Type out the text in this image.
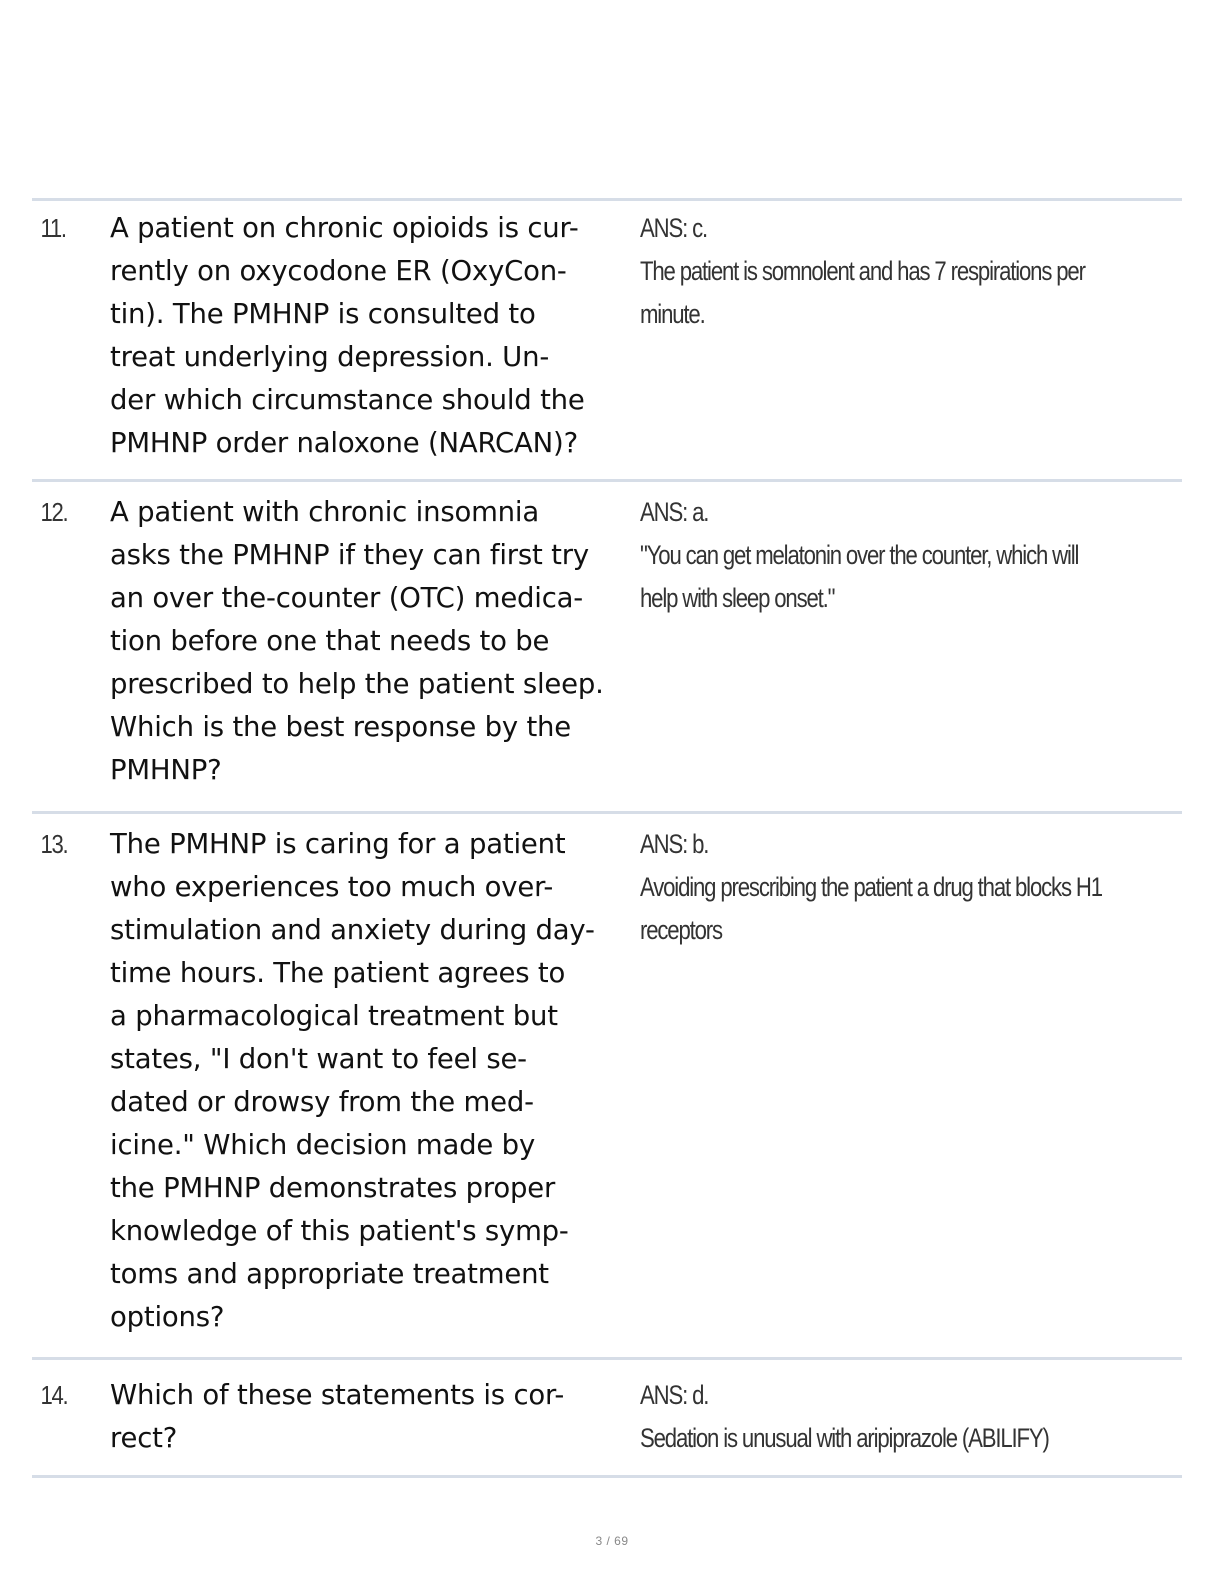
11.	A patient on chronic opioids is cur-
rently on oxycodone ER (OxyCon-
tin). The PMHNP is consulted to
treat underlying depression. Un-
der which circumstance should the
PMHNP order naloxone (NARCAN)?
ANS: c.
The patient is somnolent and has 7 respirations per
minute.
12.	A patient with chronic insomnia
asks the PMHNP if they can first try
an over the-counter (OTC) medica-
tion before one that needs to be
prescribed to help the patient sleep.
Which is the best response by the
PMHNP?
ANS: a.
"You can get melatonin over the counter, which will
help with sleep onset."
13.	The PMHNP is caring for a patient
who experiences too much over-
stimulation and anxiety during day-
time hours. The patient agrees to
a pharmacological treatment but
states, "I don't want to feel se-
dated or drowsy from the med-
icine." Which decision made by
the PMHNP demonstrates proper
knowledge of this patient's symp-
toms and appropriate treatment
options?
ANS: b.
Avoiding prescribing the patient a drug that blocks H1
receptors
14.	Which of these statements is cor-
rect?
ANS: d.
Sedation is unusual with aripiprazole (ABILIFY)
3 / 69
